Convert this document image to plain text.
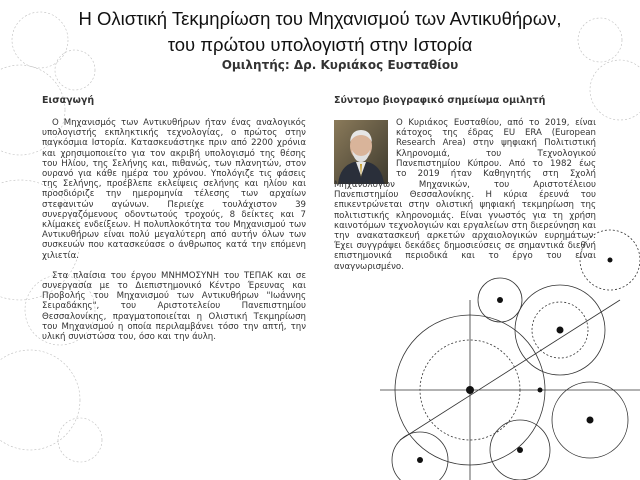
Η Ολιστική Τεκμηρίωση του Μηχανισμού των Αντικυθήρων,
του πρώτου υπολογιστή στην Ιστορία
Ομιλητής: Δρ. Κυριάκος Ευσταθίου
Εισαγωγή

Ο Μηχανισμός των Αντικυθήρων ήταν ένας αναλογικός υπολογιστής εκπληκτικής τεχνολογίας, ο πρώτος στην παγκόσμια Ιστορία. Κατασκευάστηκε πριν από 2200 χρόνια και χρησιμοποιείτο για τον ακριβή υπολογισμό της θέσης του Ηλίου, της Σελήνης και, πιθανώς, των πλανητών, στον ουρανό για κάθε ημέρα του χρόνου. Υπολόγιζε τις φάσεις της Σελήνης, προέβλεπε εκλείψεις σελήνης και ηλίου και προσδιόριζε την ημερομηνία τέλεσης των αρχαίων στεφανιτών αγώνων. Περιείχε τουλάχιστον 39 συνεργαζόμενους οδοντωτούς τροχούς, 8 δείκτες και 7 κλίμακες ενδείξεων. Η πολυπλοκότητα του Μηχανισμού των Αντικυθήρων είναι πολύ μεγαλύτερη από αυτήν όλων των συσκευών που κατασκεύασε ο άνθρωπος κατά την επόμενη χιλιετία.

Στα πλαίσια του έργου ΜΝΗΜΟΣΥΝΗ του ΤΕΠΑΚ και σε συνεργασία με το Διεπιστημονικό Κέντρο Έρευνας και Προβολής του Μηχανισμού των Αντικυθήρων "Ιωάννης Σειραδάκης", του Αριστοτελείου Πανεπιστημίου Θεσσαλονίκης, πραγματοποιείται η Ολιστική Τεκμηρίωση του Μηχανισμού η οποία περιλαμβάνει τόσο την απτή, την υλική συνιστώσα του, όσο και την άυλη.

Σύντομο βιογραφικό σημείωμα ομιλητή
Ο Κυριάκος Ευσταθίου, από το 2019, είναι
κάτοχος της έδρας EU ERA (European
Research Area) στην ψηφιακή Πολιτιστική
Κληρονομιά, του Τεχνολογικού
Πανεπιστημίου Κύπρου. Από το 1982 έως
το 2019 ήταν Καθηγητής στη Σχολή
Μηχανολόγων Μηχανικών, του Αριστοτέλειου Πανεπιστημίου Θεσσαλονίκης. Η κύρια έρευνά του επικεντρώνεται στην ολιστική ψηφιακή τεκμηρίωση της πολιτιστικής κληρονομιάς. Είναι γνωστός για τη χρήση καινοτόμων τεχνολογιών και εργαλείων στη διερεύνηση και την ανακατασκευή αρκετών αρχαιολογικών ευρημάτων. Έχει συγγράψει δεκάδες δημοσιεύσεις σε σημαντικά διεθνή επιστημονικά περιοδικά και το έργο του είναι αναγνωρισμένο.
